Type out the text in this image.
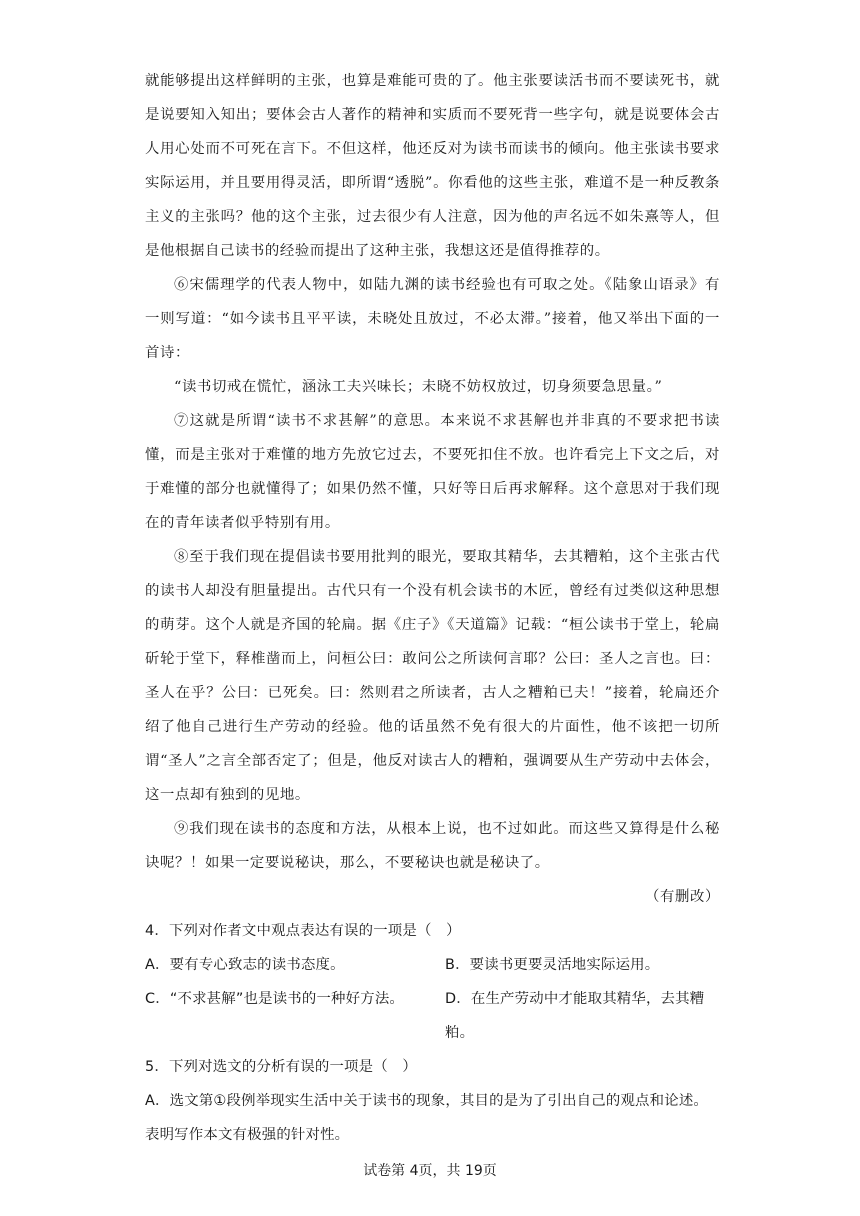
就能够提出这样鲜明的主张，也算是难能可贵的了。他主张要读活书而不要读死书，就是说要知入知出；要体会古人著作的精神和实质而不要死背一些字句，就是说要体会古人用心处而不可死在言下。不但这样，他还反对为读书而读书的倾向。他主张读书要求实际运用，并且要用得灵活，即所谓“透脱”。你看他的这些主张，难道不是一种反教条主义的主张吗？他的这个主张，过去很少有人注意，因为他的声名远不如朱熹等人，但是他根据自己读书的经验而提出了这种主张，我想这还是值得推荐的。

⑥宋儒理学的代表人物中，如陆九渊的读书经验也有可取之处。《陆象山语录》有一则写道：“如今读书且平平读，未晓处且放过，不必太滞。”接着，他又举出下面的一首诗：

“读书切戒在慌忙，涵泳工夫兴味长；未晓不妨权放过，切身须要急思量。”

⑦这就是所谓“读书不求甚解”的意思。本来说不求甚解也并非真的不要求把书读懂，而是主张对于难懂的地方先放它过去，不要死扣住不放。也许看完上下文之后，对于难懂的部分也就懂得了；如果仍然不懂，只好等日后再求解释。这个意思对于我们现在的青年读者似乎特别有用。

⑧至于我们现在提倡读书要用批判的眼光，要取其精华，去其糟粕，这个主张古代的读书人却没有胆量提出。古代只有一个没有机会读书的木匠，曾经有过类似这种思想的萌芽。这个人就是齐国的轮扁。据《庄子》《天道篇》记载：“桓公读书于堂上，轮扁斫轮于堂下，释椎凿而上，问桓公曰：敢问公之所读何言耶？公曰：圣人之言也。曰：圣人在乎？公曰：已死矣。曰：然则君之所读者，古人之糟粕已夫！”接着，轮扁还介绍了他自己进行生产劳动的经验。他的话虽然不免有很大的片面性，他不该把一切所谓“圣人”之言全部否定了；但是，他反对读古人的糟粕，强调要从生产劳动中去体会，这一点却有独到的见地。

⑨我们现在读书的态度和方法，从根本上说，也不过如此。而这些又算得是什么秘诀呢？！如果一定要说秘诀，那么，不要秘诀也就是秘诀了。

（有删改）

4．下列对作者文中观点表达有误的一项是（　）

A．要有专心致志的读书态度。	B．要读书更要灵活地实际运用。
C．“不求甚解”也是读书的一种好方法。	D．在生产劳动中才能取其精华，去其糟粕。

5．下列对选文的分析有误的一项是（　）

A．选文第①段例举现实生活中关于读书的现象，其目的是为了引出自己的观点和论述。表明写作本文有极强的针对性。

试卷第 4页，共 19页
